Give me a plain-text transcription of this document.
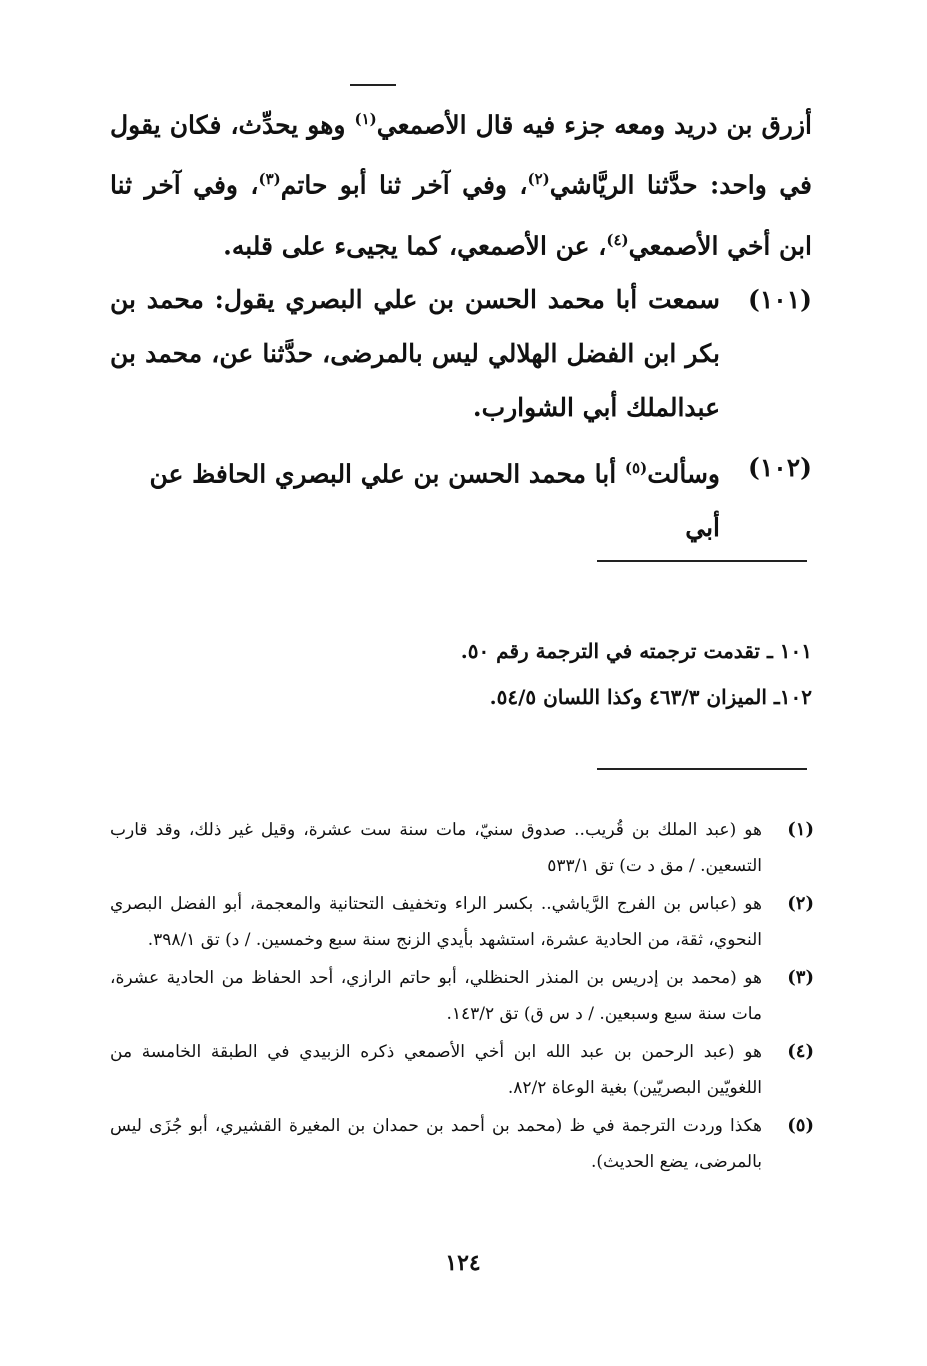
أزرق بن دريد ومعه جزء فيه قال الأصمعي$^{(١)}$ وهو يحدِّث، فكان يقول في واحد: حدَّثنا الريَّاشي$^{(٢)}$، وفي آخر ثنا أبو حاتم$^{(٣)}$، وفي آخر ثنا ابن أخي الأصمعي$^{(٤)}$، عن الأصمعي، كما يجيىء على قلبه.
(١٠١)
سمعت أبا محمد الحسن بن علي البصري يقول: محمد بن بكر ابن الفضل الهلالي ليس بالمرضى، حدَّثنا عن، محمد بن عبدالملك أبي الشوارب.
(١٠٢)
وسألت$^{(٥)}$ أبا محمد الحسن بن علي البصري الحافظ عن أبي
١٠١ ـ تقدمت ترجمته في الترجمة رقم ٥٠.
١٠٢ـ الميزان ٤٦٣/٣ وكذا اللسان ٥٤/٥.
(١)
هو (عبد الملك بن قُريب.. صدوق سنيّ، مات سنة ست عشرة، وقيل غير ذلك، وقد قارب التسعين. / مق د ت) تق ٥٣٣/١
(٢)
هو (عباس بن الفرج الرَّياشي.. بكسر الراء وتخفيف التحتانية والمعجمة، أبو الفضل البصري النحوي، ثقة، من الحادية عشرة، استشهد بأيدي الزنج سنة سبع وخمسين. / د) تق ٣٩٨/١.
(٣)
هو (محمد بن إدريس بن المنذر الحنظلي، أبو حاتم الرازي، أحد الحفاظ من الحادية عشرة، مات سنة سبع وسبعين. / د س ق) تق ١٤٣/٢.
(٤)
هو (عبد الرحمن بن عبد الله ابن أخي الأصمعي ذكره الزبيدي في الطبقة الخامسة من اللغويّين البصريّين) بغية الوعاة ٨٢/٢.
(٥)
هكذا وردت الترجمة في ظ (محمد بن أحمد بن حمدان بن المغيرة القشيري، أبو جُزَى ليس بالمرضى، يضع الحديث).
١٢٤
